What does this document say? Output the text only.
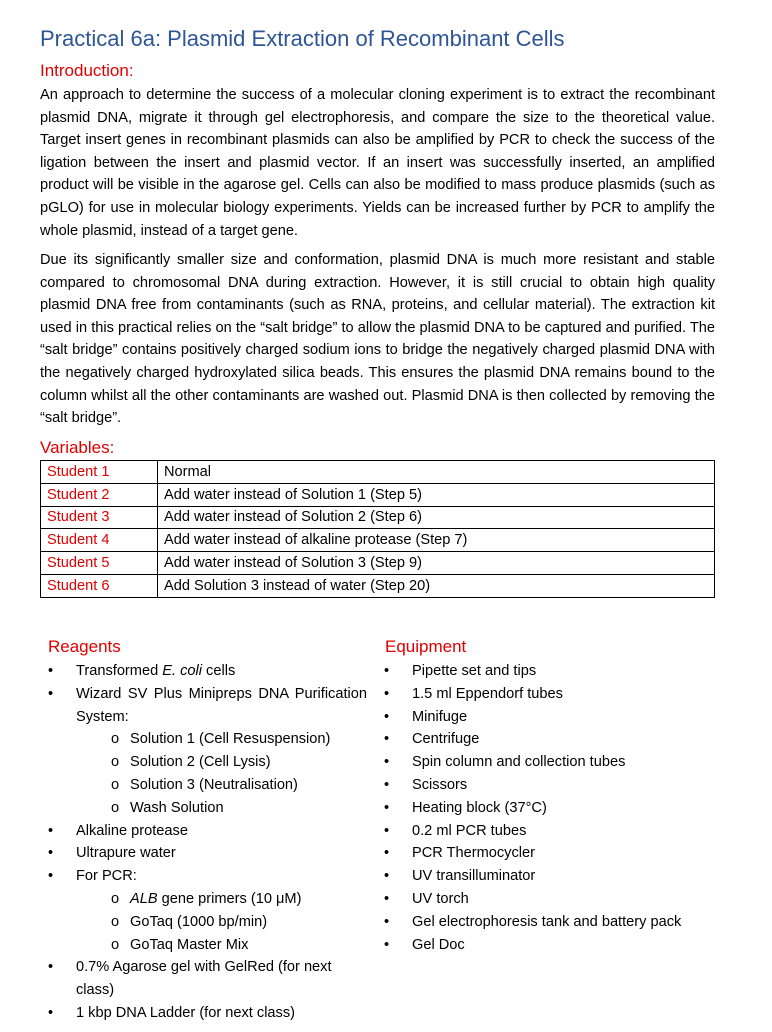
Practical 6a: Plasmid Extraction of Recombinant Cells
Introduction:

An approach to determine the success of a molecular cloning experiment is to extract the recombinant plasmid DNA, migrate it through gel electrophoresis, and compare the size to the theoretical value. Target insert genes in recombinant plasmids can also be amplified by PCR to check the success of the ligation between the insert and plasmid vector. If an insert was successfully inserted, an amplified product will be visible in the agarose gel. Cells can also be modified to mass produce plasmids (such as pGLO) for use in molecular biology experiments. Yields can be increased further by PCR to amplify the whole plasmid, instead of a target gene.

Due its significantly smaller size and conformation, plasmid DNA is much more resistant and stable compared to chromosomal DNA during extraction. However, it is still crucial to obtain high quality plasmid DNA free from contaminants (such as RNA, proteins, and cellular material). The extraction kit used in this practical relies on the “salt bridge” to allow the plasmid DNA to be captured and purified. The “salt bridge” contains positively charged sodium ions to bridge the negatively charged plasmid DNA with the negatively charged hydroxylated silica beads. This ensures the plasmid DNA remains bound to the column whilst all the other contaminants are washed out. Plasmid DNA is then collected by removing the “salt bridge”.

Variables:
Student 1	Normal
Student 2	Add water instead of Solution 1 (Step 5)
Student 3	Add water instead of Solution 2 (Step 6)
Student 4	Add water instead of alkaline protease (Step 7)
Student 5	Add water instead of Solution 3 (Step 9)
Student 6	Add Solution 3 instead of water (Step 20)
Reagents
• Transformed E. coli cells
• Wizard SV Plus Minipreps DNA Purification System:
o Solution 1 (Cell Resuspension)
o Solution 2 (Cell Lysis)
o Solution 3 (Neutralisation)
o Wash Solution
• Alkaline protease
• Ultrapure water
• For PCR:
o ALB gene primers (10 μM)
o GoTaq (1000 bp/min)
o GoTaq Master Mix
• 0.7% Agarose gel with GelRed (for next class)
• 1 kbp DNA Ladder (for next class)
Equipment
• Pipette set and tips
• 1.5 ml Eppendorf tubes
• Minifuge
• Centrifuge
• Spin column and collection tubes
• Scissors
• Heating block (37°C)
• 0.2 ml PCR tubes
• PCR Thermocycler
• UV transilluminator
• UV torch
• Gel electrophoresis tank and battery pack
• Gel Doc
